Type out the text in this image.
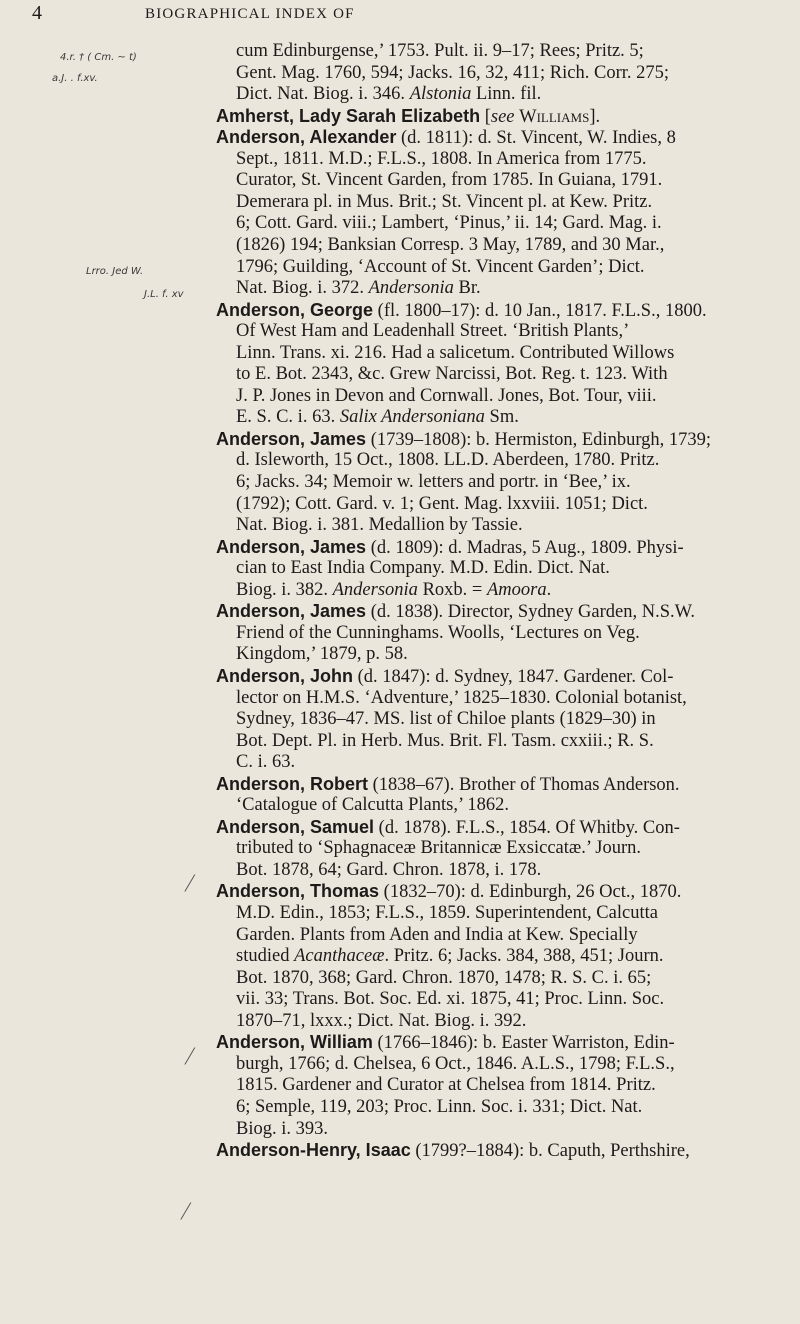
4	BIOGRAPHICAL INDEX OF
4.r. † ( Cm. ~ t)
a.J. . f.xv.
Lrro. Jed W.
J.L. f. xv
⁄
⁄
⁄
cum Edinburgense,’ 1753. Pult. ii. 9–17; Rees; Pritz. 5;
Gent. Mag. 1760, 594; Jacks. 16, 32, 411; Rich. Corr. 275;
Dict. Nat. Biog. i. 346. Alstonia Linn. fil.
Amherst, Lady Sarah Elizabeth [see Williams].
Anderson, Alexander (d. 1811): d. St. Vincent, W. Indies, 8
Sept., 1811. M.D.; F.L.S., 1808. In America from 1775.
Curator, St. Vincent Garden, from 1785. In Guiana, 1791.
Demerara pl. in Mus. Brit.; St. Vincent pl. at Kew. Pritz.
6; Cott. Gard. viii.; Lambert, ‘Pinus,’ ii. 14; Gard. Mag. i.
(1826) 194; Banksian Corresp. 3 May, 1789, and 30 Mar.,
1796; Guilding, ‘Account of St. Vincent Garden’; Dict.
Nat. Biog. i. 372. Andersonia Br.
Anderson, George (fl. 1800–17): d. 10 Jan., 1817. F.L.S., 1800.
Of West Ham and Leadenhall Street. ‘British Plants,’
Linn. Trans. xi. 216. Had a salicetum. Contributed Willows
to E. Bot. 2343, &c. Grew Narcissi, Bot. Reg. t. 123. With
J. P. Jones in Devon and Cornwall. Jones, Bot. Tour, viii.
E. S. C. i. 63. Salix Andersoniana Sm.
Anderson, James (1739–1808): b. Hermiston, Edinburgh, 1739;
d. Isleworth, 15 Oct., 1808. LL.D. Aberdeen, 1780. Pritz.
6; Jacks. 34; Memoir w. letters and portr. in ‘Bee,’ ix.
(1792); Cott. Gard. v. 1; Gent. Mag. lxxviii. 1051; Dict.
Nat. Biog. i. 381. Medallion by Tassie.
Anderson, James (d. 1809): d. Madras, 5 Aug., 1809. Physi-
cian to East India Company. M.D. Edin. Dict. Nat.
Biog. i. 382. Andersonia Roxb. = Amoora.
Anderson, James (d. 1838). Director, Sydney Garden, N.S.W.
Friend of the Cunninghams. Woolls, ‘Lectures on Veg.
Kingdom,’ 1879, p. 58.
Anderson, John (d. 1847): d. Sydney, 1847. Gardener. Col-
lector on H.M.S. ‘Adventure,’ 1825–1830. Colonial botanist,
Sydney, 1836–47. MS. list of Chiloe plants (1829–30) in
Bot. Dept. Pl. in Herb. Mus. Brit. Fl. Tasm. cxxiii.; R. S.
C. i. 63.
Anderson, Robert (1838–67). Brother of Thomas Anderson.
‘Catalogue of Calcutta Plants,’ 1862.
Anderson, Samuel (d. 1878). F.L.S., 1854. Of Whitby. Con-
tributed to ‘Sphagnaceæ Britannicæ Exsiccatæ.’ Journ.
Bot. 1878, 64; Gard. Chron. 1878, i. 178.
Anderson, Thomas (1832–70): d. Edinburgh, 26 Oct., 1870.
M.D. Edin., 1853; F.L.S., 1859. Superintendent, Calcutta
Garden. Plants from Aden and India at Kew. Specially
studied Acanthaceæ. Pritz. 6; Jacks. 384, 388, 451; Journ.
Bot. 1870, 368; Gard. Chron. 1870, 1478; R. S. C. i. 65;
vii. 33; Trans. Bot. Soc. Ed. xi. 1875, 41; Proc. Linn. Soc.
1870–71, lxxx.; Dict. Nat. Biog. i. 392.
Anderson, William (1766–1846): b. Easter Warriston, Edin-
burgh, 1766; d. Chelsea, 6 Oct., 1846. A.L.S., 1798; F.L.S.,
1815. Gardener and Curator at Chelsea from 1814. Pritz.
6; Semple, 119, 203; Proc. Linn. Soc. i. 331; Dict. Nat.
Biog. i. 393.
Anderson-Henry, Isaac (1799?–1884): b. Caputh, Perthshire,
